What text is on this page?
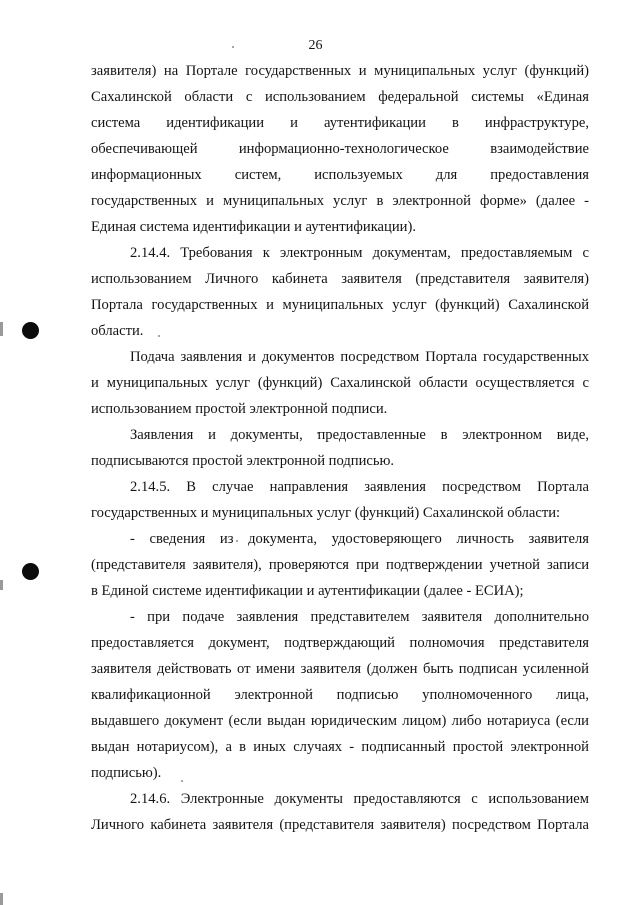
26
заявителя) на Портале государственных и муниципальных услуг (функций)
Сахалинской области с использованием федеральной системы «Единая
система идентификации и аутентификации в инфраструктуре,
обеспечивающей информационно-технологическое взаимодействие
информационных систем, используемых для предоставления
государственных и муниципальных услуг в электронной форме» (далее -
Единая система идентификации и аутентификации).
2.14.4. Требования к электронным документам, предоставляемым с
использованием Личного кабинета заявителя (представителя заявителя)
Портала государственных и муниципальных услуг (функций) Сахалинской
области.
Подача заявления и документов посредством Портала государственных
и муниципальных услуг (функций) Сахалинской области осуществляется с
использованием простой электронной подписи.
Заявления и документы, предоставленные в электронном виде,
подписываются простой электронной подписью.
2.14.5. В случае направления заявления посредством Портала
государственных и муниципальных услуг (функций) Сахалинской области:
- сведения из документа, удостоверяющего личность заявителя
(представителя заявителя), проверяются при подтверждении учетной записи
в Единой системе идентификации и аутентификации (далее - ЕСИА);
- при подаче заявления представителем заявителя дополнительно
предоставляется документ, подтверждающий полномочия представителя
заявителя действовать от имени заявителя (должен быть подписан усиленной
квалификационной электронной подписью уполномоченного лица,
выдавшего документ (если выдан юридическим лицом) либо нотариуса (если
выдан нотариусом), а в иных случаях - подписанный простой электронной
подписью).
2.14.6. Электронные документы предоставляются с использованием
Личного кабинета заявителя (представителя заявителя) посредством Портала
